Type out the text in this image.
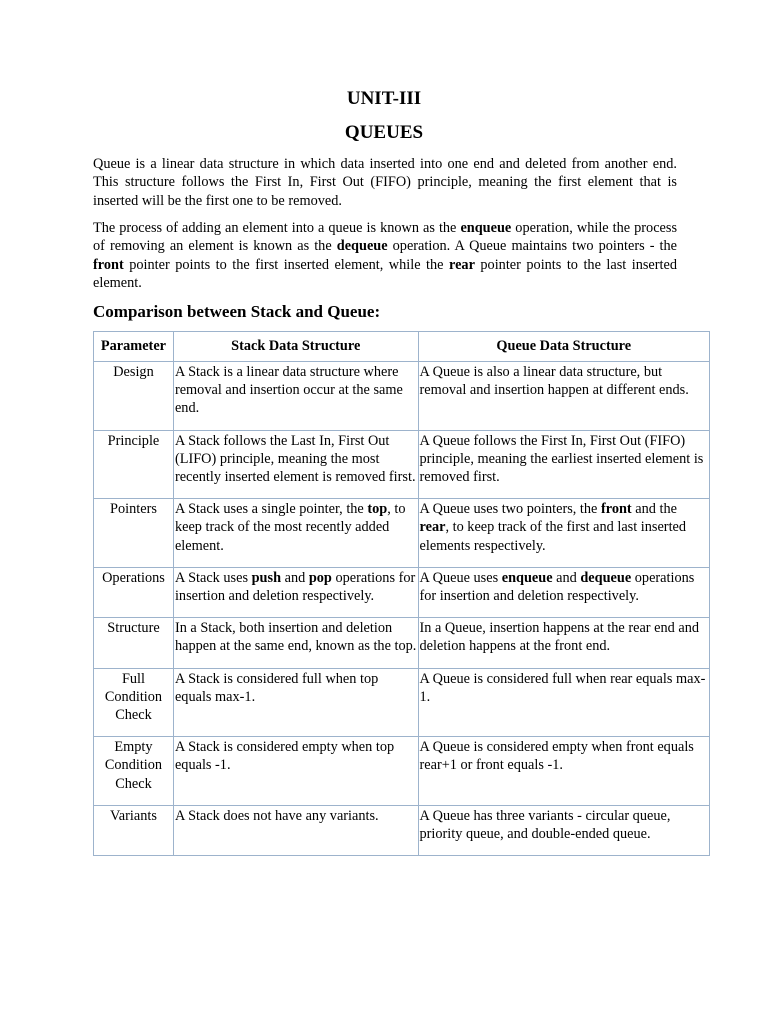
UNIT-III
QUEUES

Queue is a linear data structure in which data inserted into one end and deleted from another end. This structure follows the First In, First Out (FIFO) principle, meaning the first element that is inserted will be the first one to be removed.

The process of adding an element into a queue is known as the enqueue operation, while the process of removing an element is known as the dequeue operation. A Queue maintains two pointers - the front pointer points to the first inserted element, while the rear pointer points to the last inserted element.

Comparison between Stack and Queue:
Parameter	Stack Data Structure	Queue Data Structure
Design	A Stack is a linear data structure where removal and insertion occur at the same end.	A Queue is also a linear data structure, but removal and insertion happen at different ends.
Principle	A Stack follows the Last In, First Out (LIFO) principle, meaning the most recently inserted element is removed first.	A Queue follows the First In, First Out (FIFO) principle, meaning the earliest inserted element is removed first.
Pointers	A Stack uses a single pointer, the top, to keep track of the most recently added element.	A Queue uses two pointers, the front and the rear, to keep track of the first and last inserted elements respectively.
Operations	A Stack uses push and pop operations for insertion and deletion respectively.	A Queue uses enqueue and dequeue operations for insertion and deletion respectively.
Structure	In a Stack, both insertion and deletion happen at the same end, known as the top.	In a Queue, insertion happens at the rear end and deletion happens at the front end.
Full Condition Check	A Stack is considered full when top equals max-1.	A Queue is considered full when rear equals max-1.
Empty Condition Check	A Stack is considered empty when top equals -1.	A Queue is considered empty when front equals rear+1 or front equals -1.
Variants	A Stack does not have any variants.	A Queue has three variants - circular queue, priority queue, and double-ended queue.
